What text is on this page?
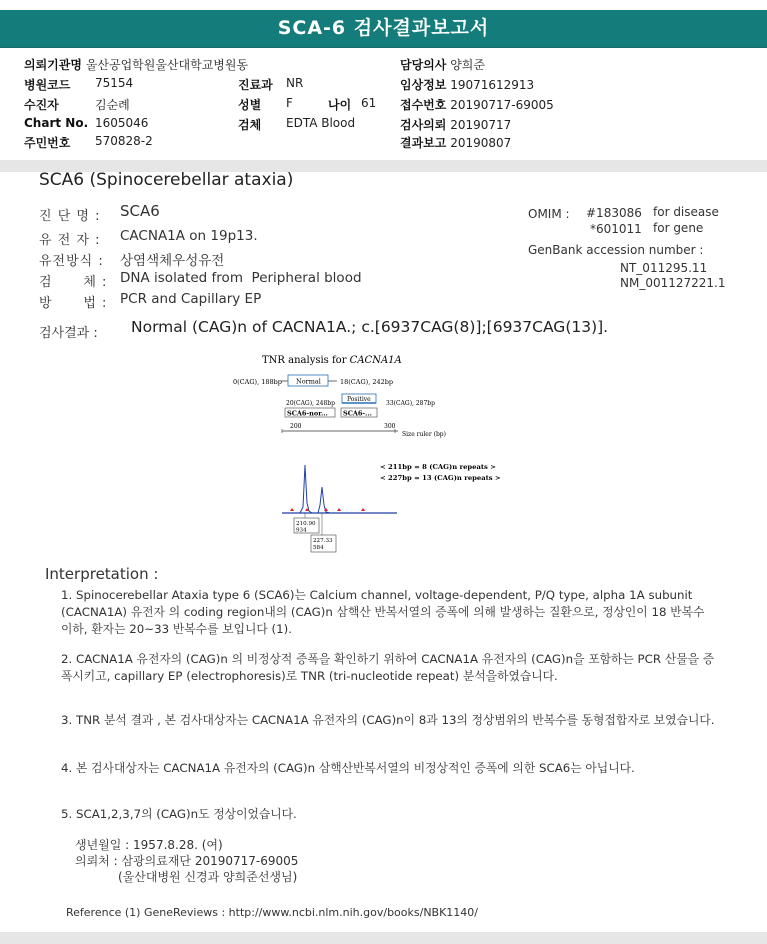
SCA-6 검사결과보고서
의뢰기관명 울산공업학원울산대학교병원동
병원코드 75154
수진자	김순례
Chart No. 1605046
주민번호 570828-2
진료과 NR
성별 F	나이 61
검체 EDTA Blood
담당의사 양희준
임상정보 19071612913
접수번호 20190717-69005
검사의뢰 20190717
결과보고 20190807
SCA6 (Spinocerebellar ataxia)
진 단 명 : SCA6
유 전 자 : CACNA1A on 19p13.
유전방식 : 상염색체우성유전
검      체 : DNA isolated from  Peripheral blood
방      법 : PCR and Capillary EP
OMIM : #183086 for disease
*601011 for gene
GenBank accession number :
NT_011295.11
NM_001127221.1
검사결과 : Normal (CAG)n of CACNA1A.; c.[6937CAG(8)];[6937CAG(13)].
TNR analysis for CACNA1A
0(CAG), 188bp Normal	18(CAG), 242bp
20(CAG), 248bp
Positive
33(CAG), 287bp
SCA6-nor... SCA6-...
200	300
Size ruler (bp)
< 211bp = 8 (CAG)n repeats >
< 227bp = 13 (CAG)n repeats >
210.90
934
227.33
584
Interpretation :
1. Spinocerebellar Ataxia type 6 (SCA6)는 Calcium channel, voltage-dependent, P/Q type, alpha 1A subunit (CACNA1A) 유전자 의 coding region내의 (CAG)n 삼핵산 반복서열의 증폭에 의해 발생하는 질환으로, 정상인이 18 반복수 이하, 환자는 20~33 반복수를 보입니다 (1).
2. CACNA1A 유전자의 (CAG)n 의 비정상적 증폭을 확인하기 위하여 CACNA1A 유전자의 (CAG)n을 포함하는 PCR 산물을 증폭시키고, capillary EP (electrophoresis)로 TNR (tri-nucleotide repeat) 분석을하였습니다.
3. TNR 분석 결과 , 본 검사대상자는 CACNA1A 유전자의 (CAG)n이 8과 13의 정상범위의 반복수를 동형접합자로 보였습니다.
4. 본 검사대상자는 CACNA1A 유전자의 (CAG)n 삼핵산반복서열의 비정상적인 증폭에 의한 SCA6는 아닙니다.
5. SCA1,2,3,7의 (CAG)n도 정상이었습니다.
생년월일 : 1957.8.28. (여)
의뢰처 : 삼광의료재단 20190717-69005
(울산대병원 신경과 양희준선생님)
Reference (1) GeneReviews : http://www.ncbi.nlm.nih.gov/books/NBK1140/
